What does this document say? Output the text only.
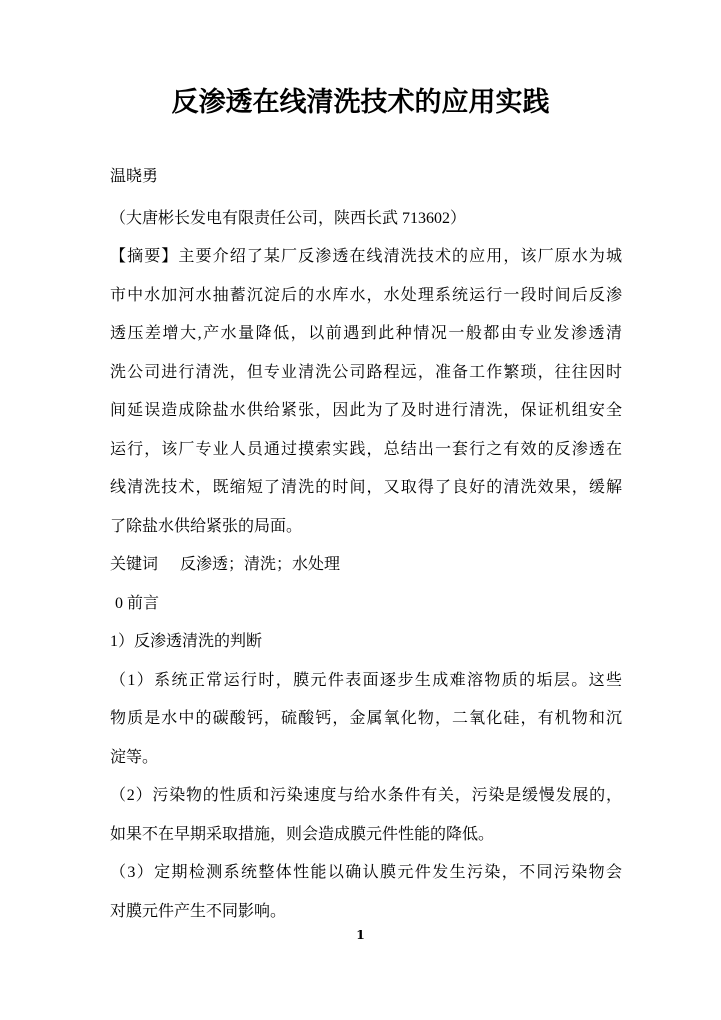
反渗透在线清洗技术的应用实践
温晓勇
（大唐彬长发电有限责任公司，陕西长武 713602）
【摘要】主要介绍了某厂反渗透在线清洗技术的应用，该厂原水为城
市中水加河水抽蓄沉淀后的水库水，水处理系统运行一段时间后反渗
透压差增大,产水量降低，以前遇到此种情况一般都由专业发渗透清
洗公司进行清洗，但专业清洗公司路程远，准备工作繁琐，往往因时
间延误造成除盐水供给紧张，因此为了及时进行清洗，保证机组安全
运行，该厂专业人员通过摸索实践，总结出一套行之有效的反渗透在
线清洗技术，既缩短了清洗的时间，又取得了良好的清洗效果，缓解
了除盐水供给紧张的局面。
关键词 反渗透；清洗；水处理
0 前言
1）反渗透清洗的判断
（1）系统正常运行时，膜元件表面逐步生成难溶物质的垢层。这些
物质是水中的碳酸钙，硫酸钙，金属氧化物，二氧化硅，有机物和沉
淀等。
（2）污染物的性质和污染速度与给水条件有关，污染是缓慢发展的，
如果不在早期采取措施，则会造成膜元件性能的降低。
（3）定期检测系统整体性能以确认膜元件发生污染，不同污染物会
对膜元件产生不同影响。
1
